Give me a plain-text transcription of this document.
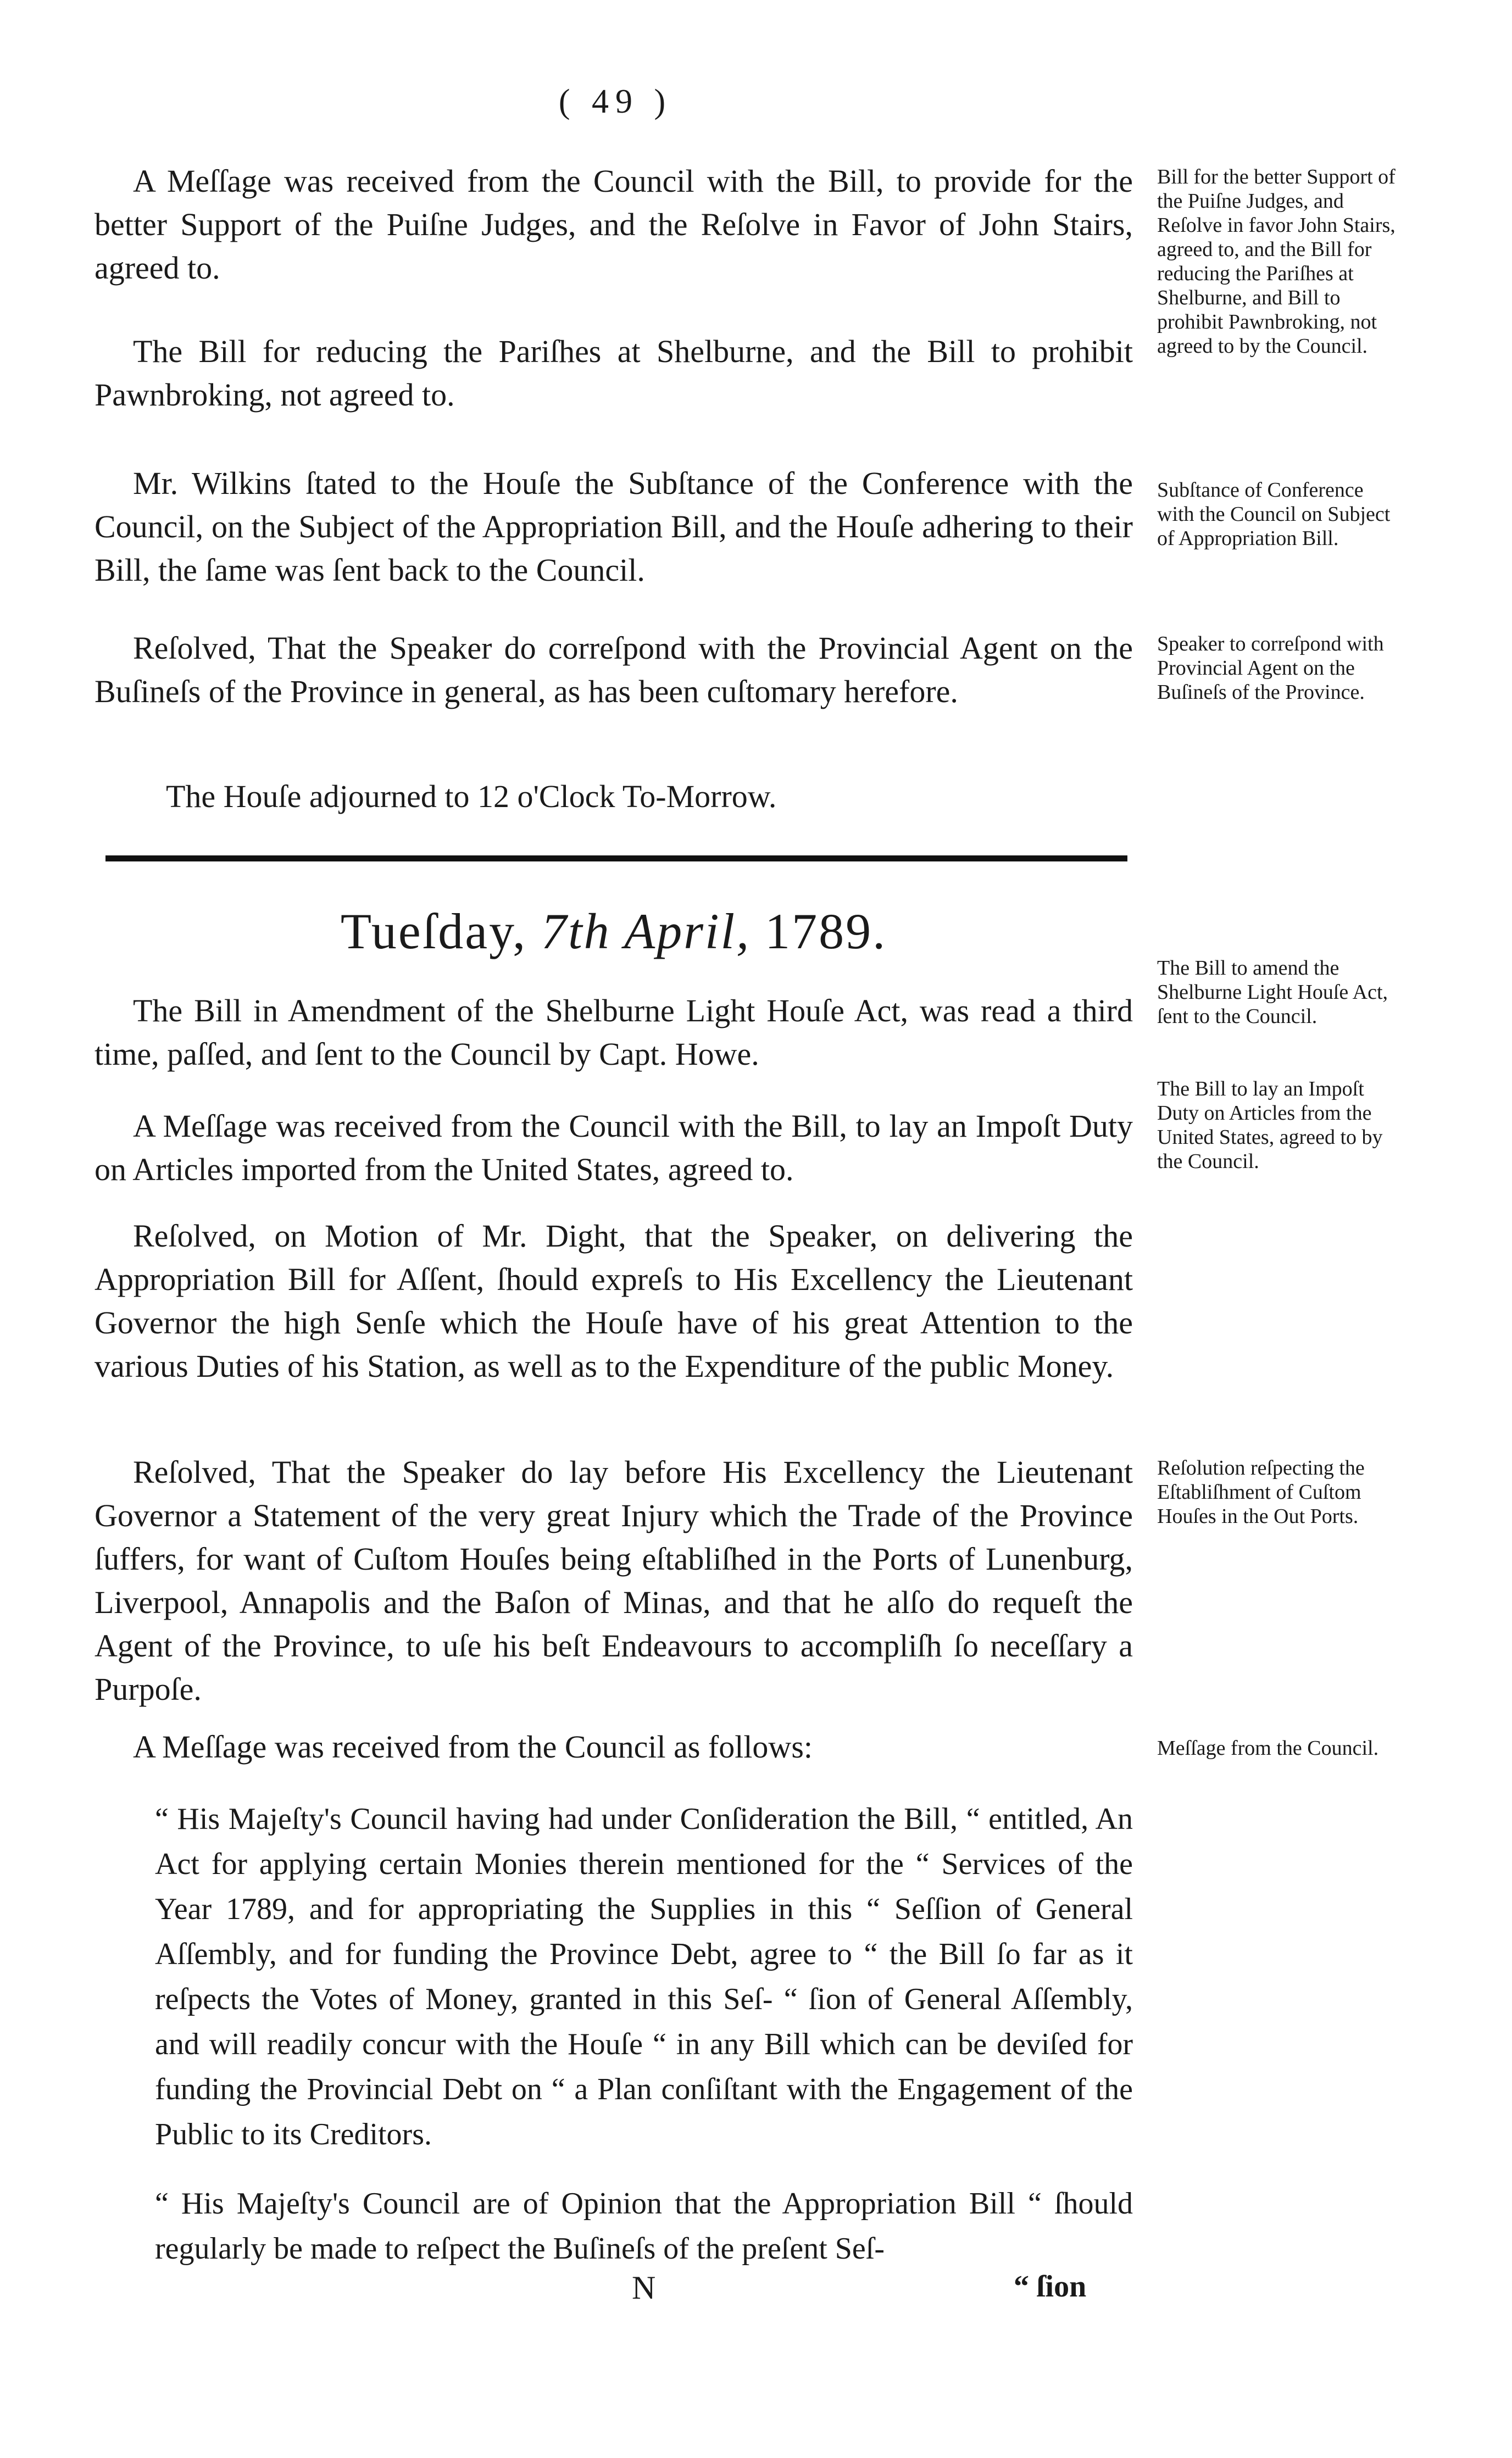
( 49 )

A Meſſage was received from the Council with the Bill, to provide for the better Support of the Puiſne Judges, and the Reſolve in Favor of John Stairs, agreed to.

The Bill for reducing the Pariſhes at Shelburne, and the Bill to prohibit Pawnbroking, not agreed to.

Mr. Wilkins ſtated to the Houſe the Subſtance of the Conference with the Council, on the Subject of the Appropriation Bill, and the Houſe adhering to their Bill, the ſame was ſent back to the Council.

Reſolved, That the Speaker do correſpond with the Provincial Agent on the Buſineſs of the Province in general, as has been cuſtomary herefore.

The Houſe adjourned to 12 o'Clock To-Morrow.

Tueſday, 7th April, 1789.

The Bill in Amendment of the Shelburne Light Houſe Act, was read a third time, paſſed, and ſent to the Council by Capt. Howe.

A Meſſage was received from the Council with the Bill, to lay an Impoſt Duty on Articles imported from the United States, agreed to.

Reſolved, on Motion of Mr. Dight, that the Speaker, on delivering the Appropriation Bill for Aſſent, ſhould expreſs to His Excellency the Lieutenant Governor the high Senſe which the Houſe have of his great Attention to the various Duties of his Station, as well as to the Expenditure of the public Money.

Reſolved, That the Speaker do lay before His Excellency the Lieutenant Governor a Statement of the very great Injury which the Trade of the Province ſuffers, for want of Cuſtom Houſes being eſtabliſhed in the Ports of Lunenburg, Liverpool, Annapolis and the Baſon of Minas, and that he alſo do requeſt the Agent of the Province, to uſe his beſt Endeavours to accompliſh ſo neceſſary a Purpoſe.

A Meſſage was received from the Council as follows:

“ His Majeſty's Council having had under Conſideration the Bill, “ entitled, An Act for applying certain Monies therein mentioned for the “ Services of the Year 1789, and for appropriating the Supplies in this “ Seſſion of General Aſſembly, and for funding the Province Debt, agree to “ the Bill ſo far as it reſpects the Votes of Money, granted in this Seſ- “ ſion of General Aſſembly, and will readily concur with the Houſe “ in any Bill which can be deviſed for funding the Provincial Debt on “ a Plan conſiſtant with the Engagement of the Public to its Creditors.

“ His Majeſty's Council are of Opinion that the Appropriation Bill “ ſhould regularly be made to reſpect the Buſineſs of the preſent Seſ-

N	“ ſion

Bill for the better Support of the Puiſne Judges, and Reſolve in favor John Stairs, agreed to, and the Bill for reducing the Pariſhes at Shelburne, and Bill to prohibit Pawnbroking, not agreed to by the Council.

Subſtance of Conference with the Council on Subject of Appropriation Bill.

Speaker to correſpond with Provincial Agent on the Buſineſs of the Province.

The Bill to amend the Shelburne Light Houſe Act, ſent to the Council.

The Bill to lay an Impoſt Duty on Articles from the United States, agreed to by the Council.

Reſolution reſpecting the Eſtabliſhment of Cuſtom Houſes in the Out Ports.

Meſſage from the Council.
